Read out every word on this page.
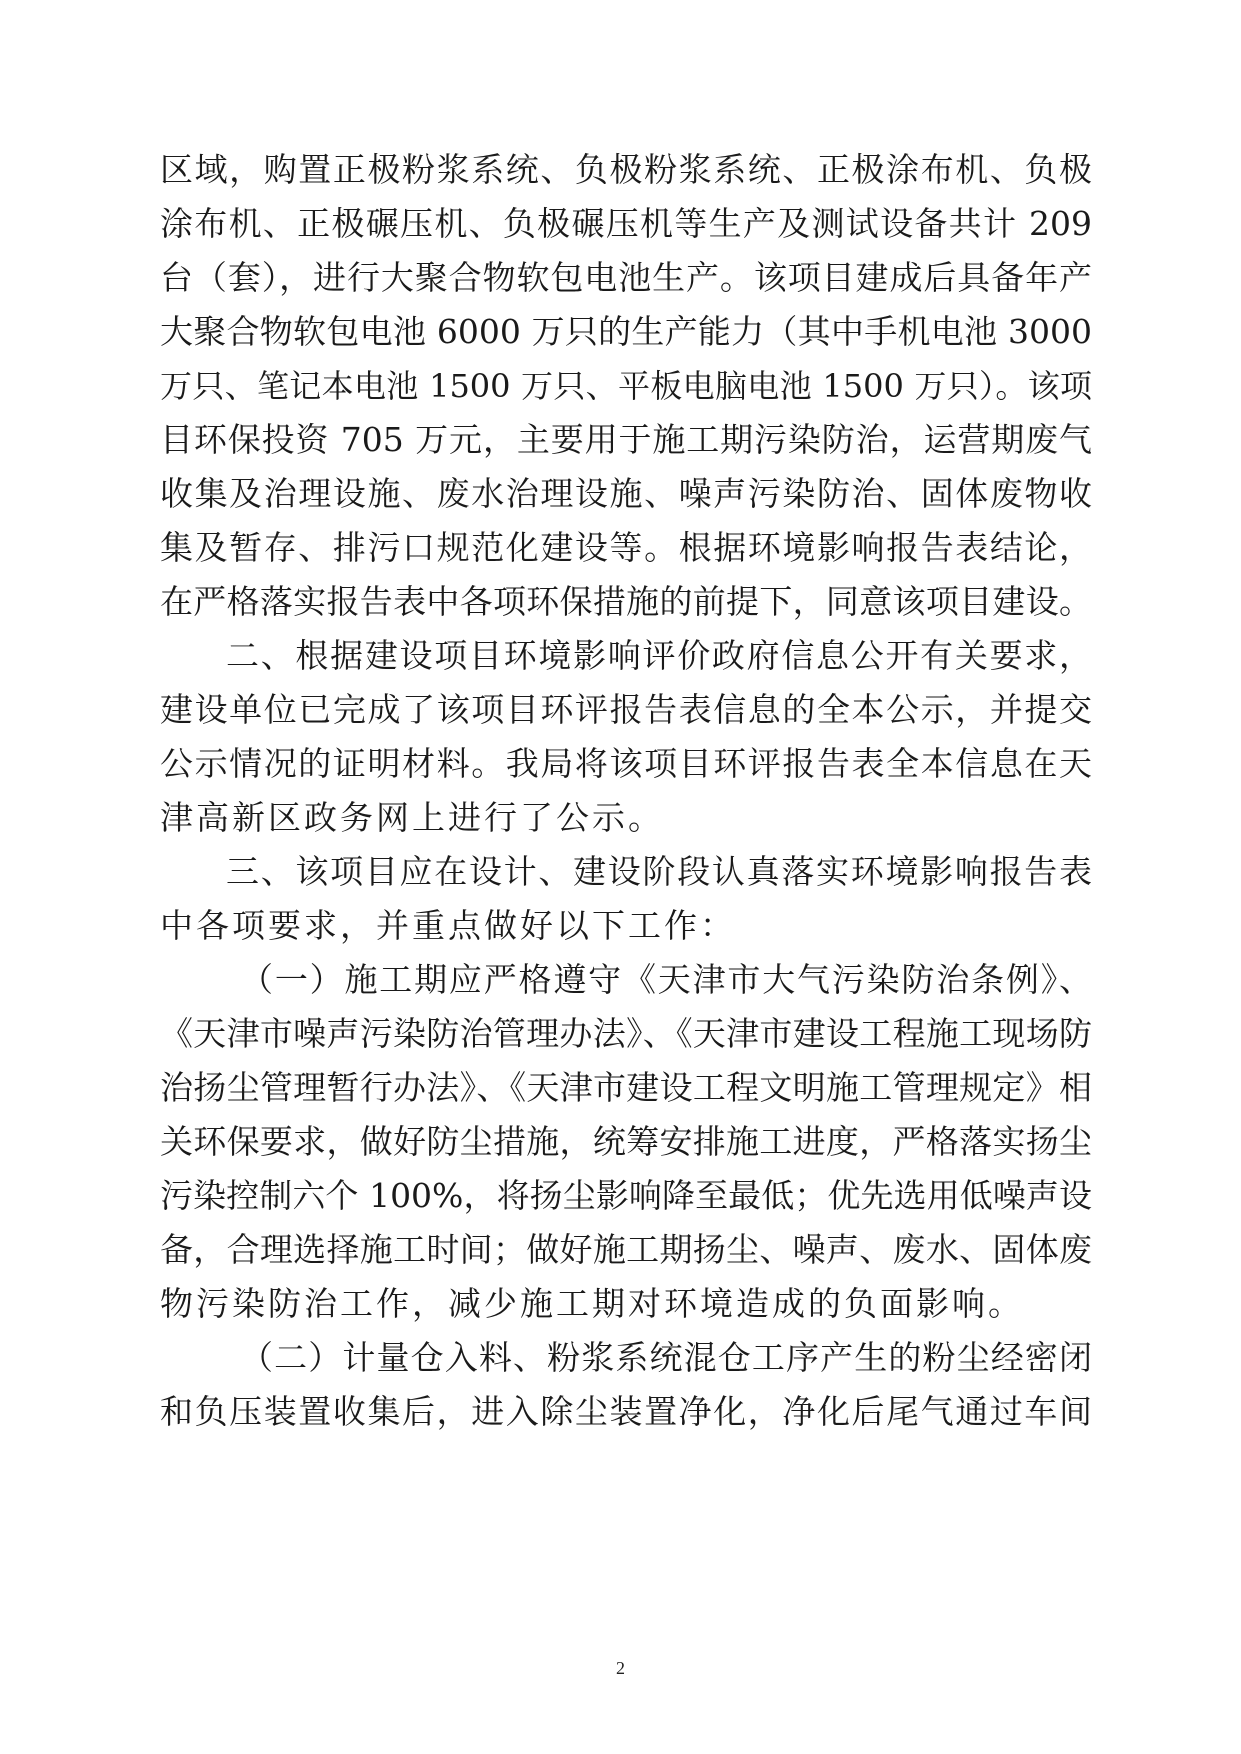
区域，购置正极粉浆系统、负极粉浆系统、正极涂布机、负极
涂布机、正极碾压机、负极碾压机等生产及测试设备共计 209
台（套），进行大聚合物软包电池生产。该项目建成后具备年产
大聚合物软包电池 6000 万只的生产能力（其中手机电池 3000
万只、笔记本电池 1500 万只、平板电脑电池 1500 万只）。该项
目环保投资 705 万元，主要用于施工期污染防治，运营期废气
收集及治理设施、废水治理设施、噪声污染防治、固体废物收
集及暂存、排污口规范化建设等。根据环境影响报告表结论，
在严格落实报告表中各项环保措施的前提下，同意该项目建设。
二、根据建设项目环境影响评价政府信息公开有关要求，
建设单位已完成了该项目环评报告表信息的全本公示，并提交
公示情况的证明材料。我局将该项目环评报告表全本信息在天
津高新区政务网上进行了公示。
三、该项目应在设计、建设阶段认真落实环境影响报告表
中各项要求，并重点做好以下工作：
（一）施工期应严格遵守《天津市大气污染防治条例》、
《天津市噪声污染防治管理办法》、《天津市建设工程施工现场防
治扬尘管理暂行办法》、《天津市建设工程文明施工管理规定》相
关环保要求，做好防尘措施，统筹安排施工进度，严格落实扬尘
污染控制六个 100%，将扬尘影响降至最低；优先选用低噪声设
备，合理选择施工时间；做好施工期扬尘、噪声、废水、固体废
物污染防治工作，减少施工期对环境造成的负面影响。
（二）计量仓入料、粉浆系统混仓工序产生的粉尘经密闭
和负压装置收集后，进入除尘装置净化，净化后尾气通过车间
2
